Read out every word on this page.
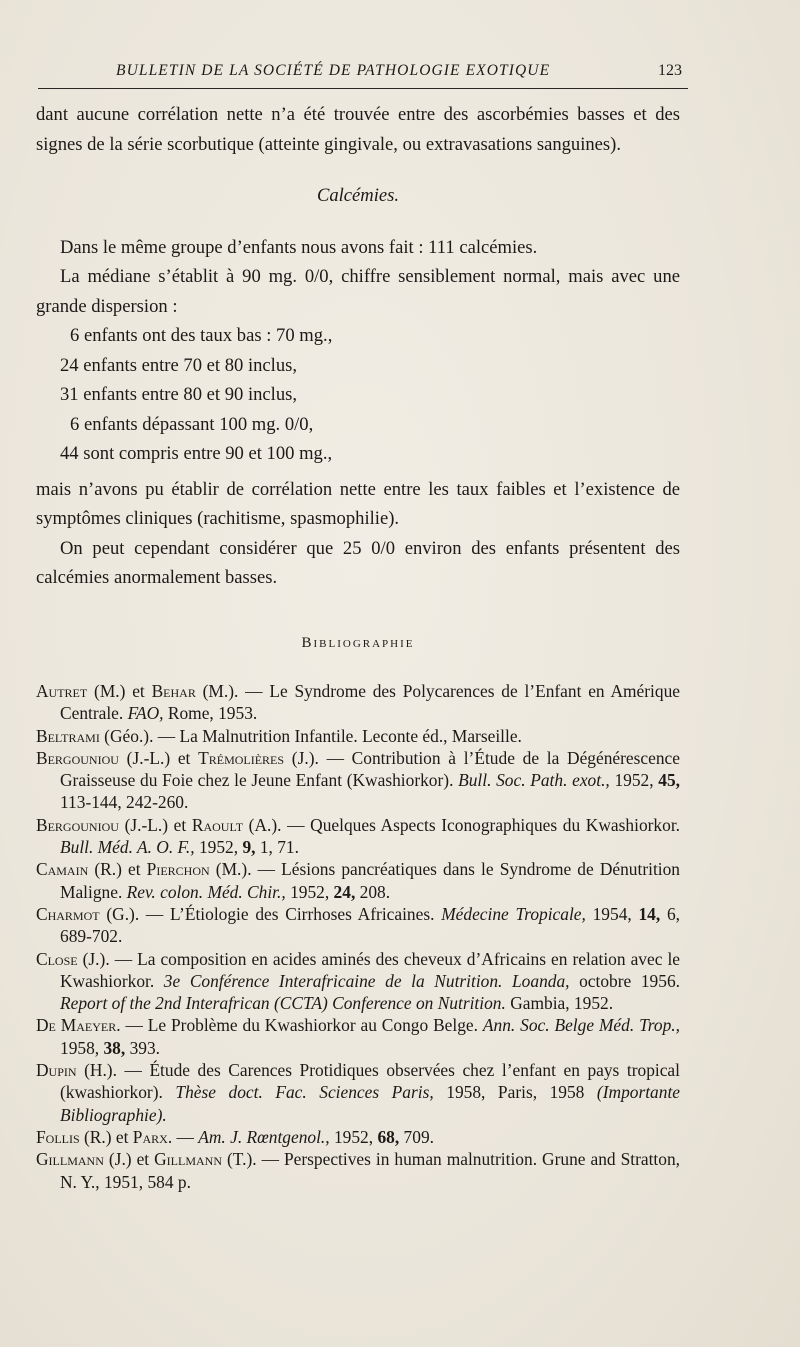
BULLETIN DE LA SOCIÉTÉ DE PATHOLOGIE EXOTIQUE	123

dant aucune corrélation nette n’a été trouvée entre des ascorbémies basses et des signes de la série scorbutique (atteinte gingivale, ou extravasations sanguines).

Calcémies.

Dans le même groupe d’enfants nous avons fait : 111 calcémies.

La médiane s’établit à 90 mg. 0/0, chiffre sensiblement normal, mais avec une grande dispersion :

6 enfants ont des taux bas : 70 mg.,
24 enfants entre 70 et 80 inclus,
31 enfants entre 80 et 90 inclus,
6 enfants dépassant 100 mg. 0/0,
44 sont compris entre 90 et 100 mg.,

mais n’avons pu établir de corrélation nette entre les taux faibles et l’existence de symptômes cliniques (rachitisme, spasmophilie).

On peut cependant considérer que 25 0/0 environ des enfants présentent des calcémies anormalement basses.

Bibliographie

Autret (M.) et Behar (M.). — Le Syndrome des Polycarences de l’Enfant en Amérique Centrale. FAO, Rome, 1953.

Beltrami (Géo.). — La Malnutrition Infantile. Leconte éd., Marseille.

Bergouniou (J.-L.) et Trémolières (J.). — Contribution à l’Étude de la Dégénérescence Graisseuse du Foie chez le Jeune Enfant (Kwashiorkor). Bull. Soc. Path. exot., 1952, 45, 113-144, 242-260.

Bergouniou (J.-L.) et Raoult (A.). — Quelques Aspects Iconographiques du Kwashiorkor. Bull. Méd. A. O. F., 1952, 9, 1, 71.

Camain (R.) et Pierchon (M.). — Lésions pancréatiques dans le Syndrome de Dénutrition Maligne. Rev. colon. Méd. Chir., 1952, 24, 208.

Charmot (G.). — L’Étiologie des Cirrhoses Africaines. Médecine Tropicale, 1954, 14, 6, 689-702.

Close (J.). — La composition en acides aminés des cheveux d’Africains en relation avec le Kwashiorkor. 3e Conférence Interafricaine de la Nutrition. Loanda, octobre 1956. Report of the 2nd Interafrican (CCTA) Conference on Nutrition. Gambia, 1952.

De Maeyer. — Le Problème du Kwashiorkor au Congo Belge. Ann. Soc. Belge Méd. Trop., 1958, 38, 393.

Dupin (H.). — Étude des Carences Protidiques observées chez l’enfant en pays tropical (kwashiorkor). Thèse doct. Fac. Sciences Paris, 1958, Paris, 1958 (Importante Bibliographie).

Follis (R.) et Parx. — Am. J. Rœntgenol., 1952, 68, 709.

Gillmann (J.) et Gillmann (T.). — Perspectives in human malnutrition. Grune and Stratton, N. Y., 1951, 584 p.
